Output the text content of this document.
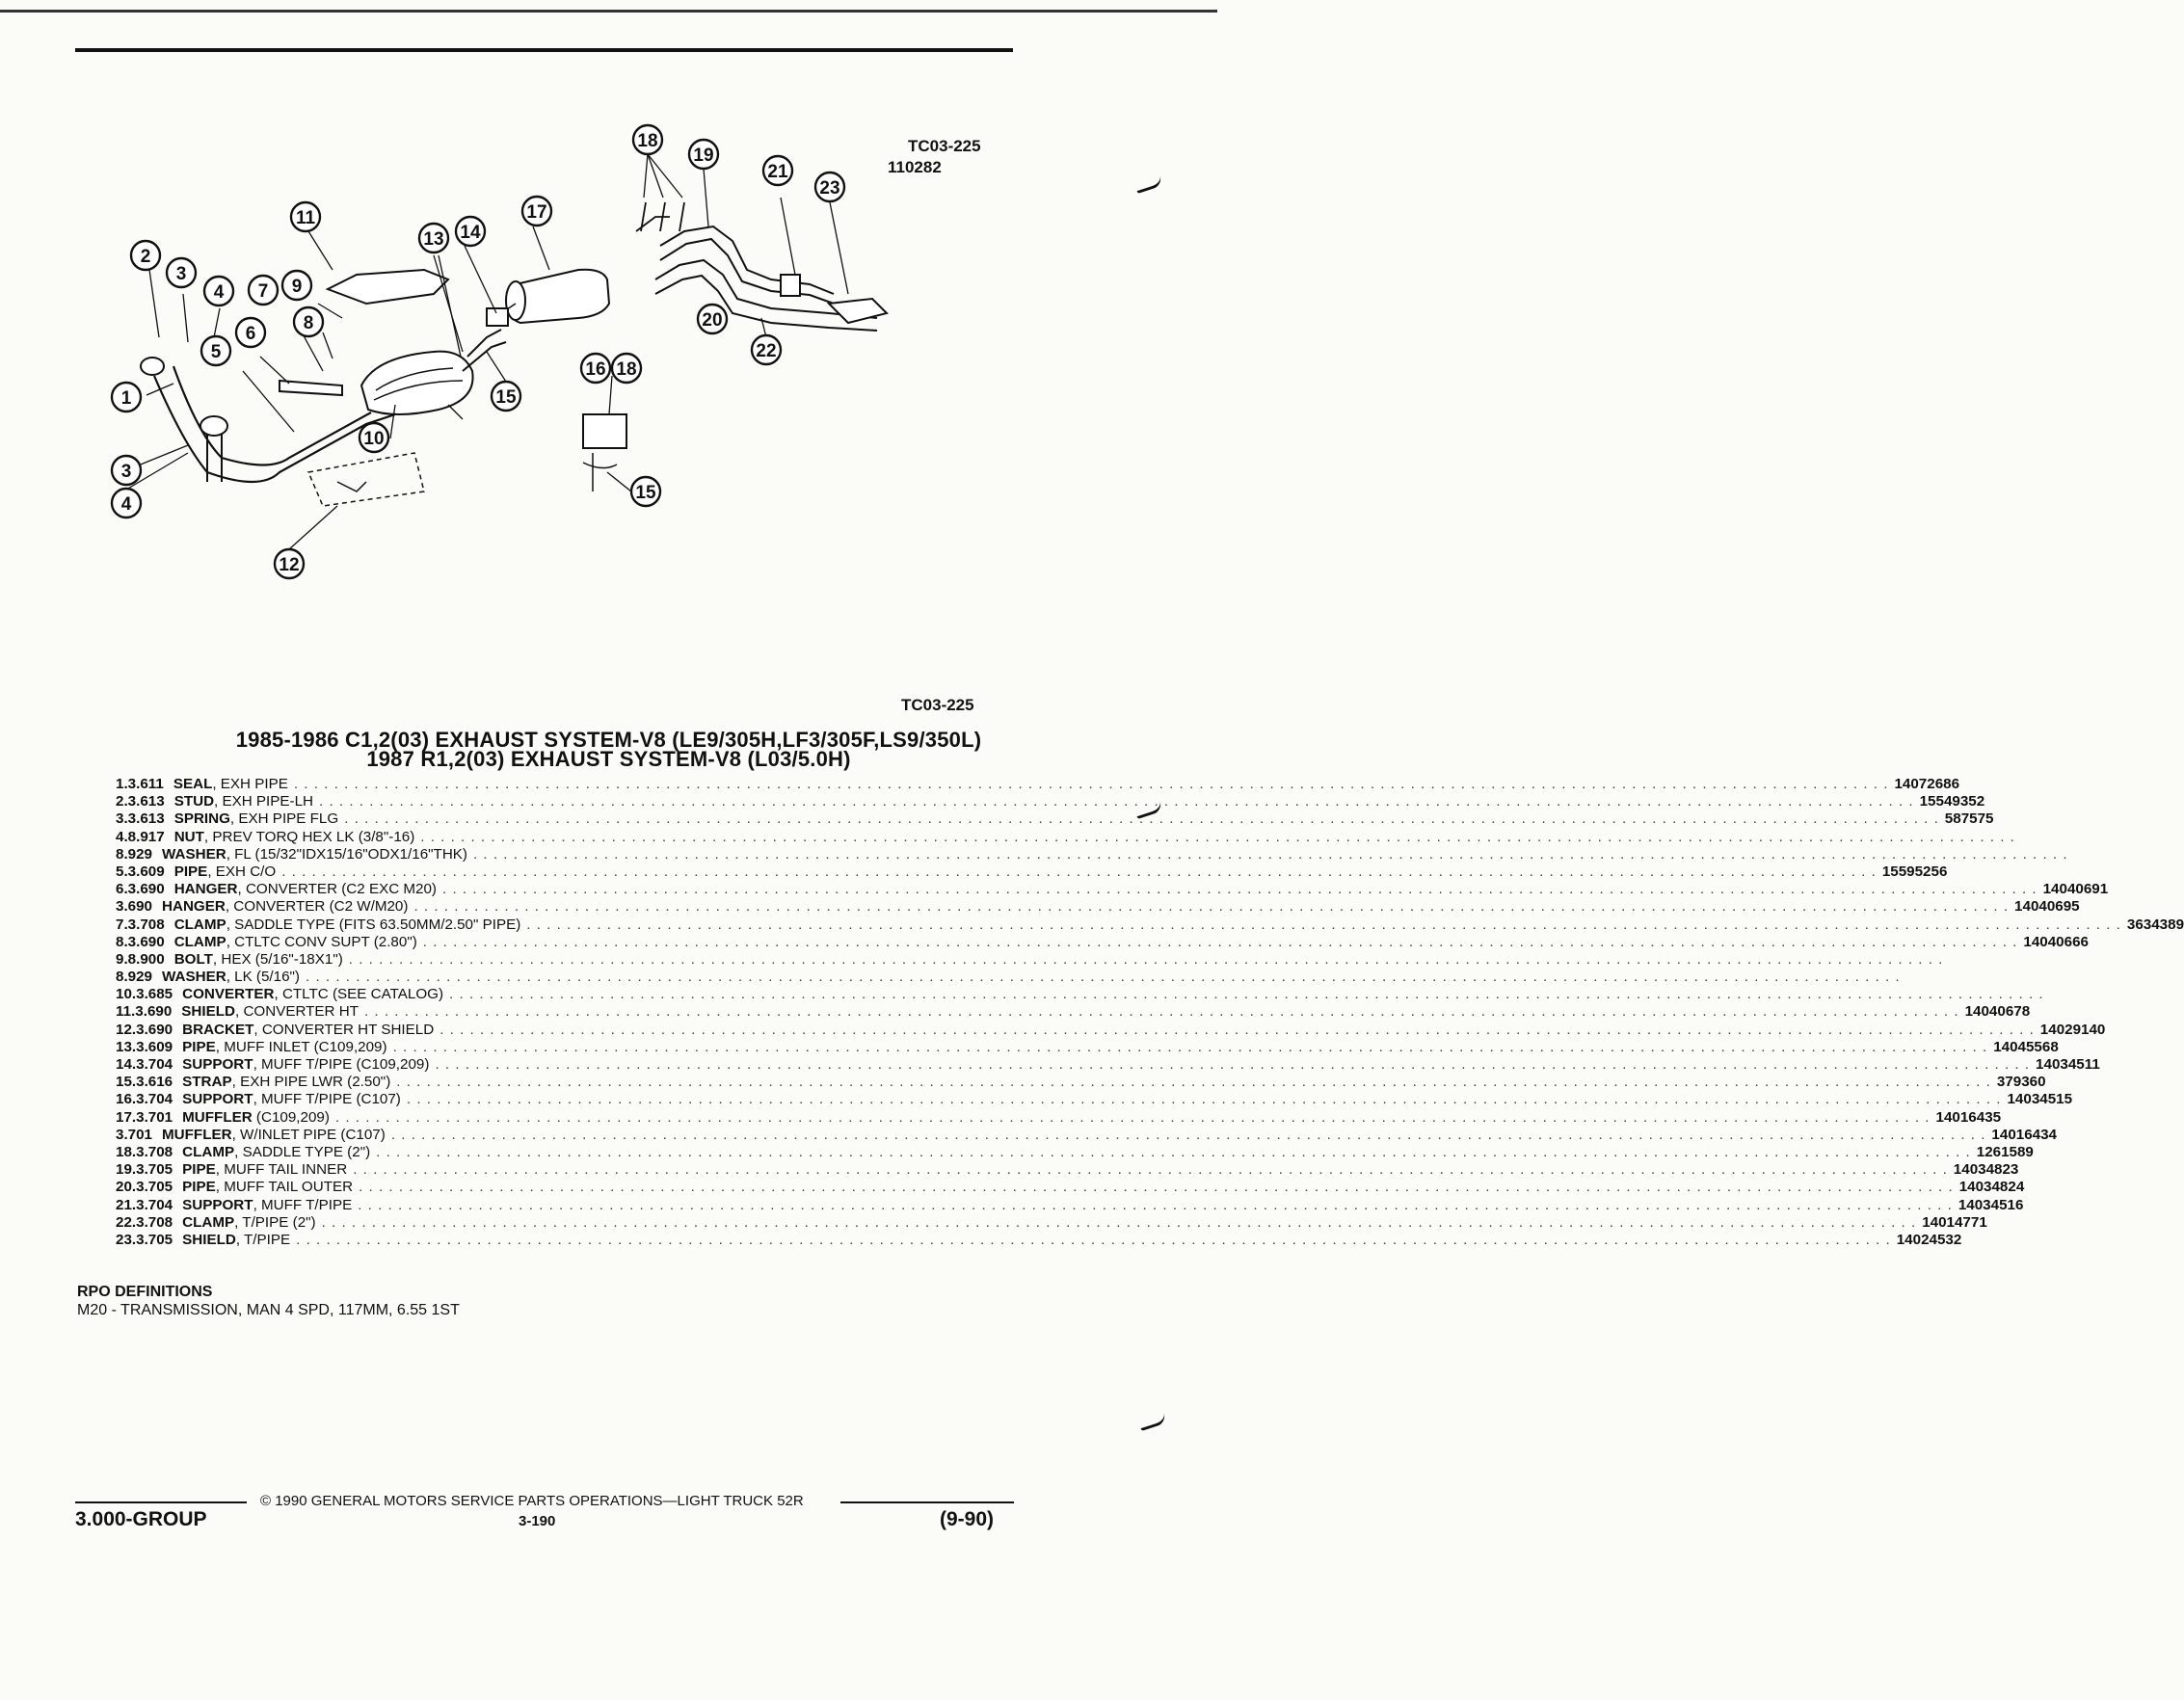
TC03-225
110282
1
2
3
4
3
4
5
6
7
8
9
10
11
12
13 14
15
15
16
17
18
18
19
20
21
22
23
TC03-225
1985-1986 C1,2(03) EXHAUST SYSTEM-V8 (LE9/305H,LF3/305F,LS9/350L)
1987 R1,2(03) EXHAUST SYSTEM-V8 (L03/5.0H)
1. 3.611 SEAL, EXH PIPE . . .	14072686
2. 3.613 STUD, EXH PIPE-LH . . .	15549352
3. 3.613 SPRING, EXH PIPE FLG . . .	587575
4. 8.917 NUT, PREV TORQ HEX LK (3/8"-16)
. . .
8.929 WASHER, FL (15/32"IDX15/16"ODX1/16"THK)
. . .
5. 3.609 PIPE, EXH C/O . . .	15595256
6. 3.690 HANGER, CONVERTER (C2 EXC M20) . . .	14040691
3.690 HANGER, CONVERTER (C2 W/M20) . . .	14040695
7. 3.708 CLAMP, SADDLE TYPE (FITS 63.50MM/2.50" PIPE) . . .	3634389
8. 3.690 CLAMP, CTLTC CONV SUPT (2.80") . . .	14040666
9. 8.900 BOLT, HEX (5/16"-18X1")
. . .
8.929 WASHER, LK (5/16")
. . .
10. 3.685 CONVERTER, CTLTC (SEE CATALOG)
. . .
11. 3.690 SHIELD, CONVERTER HT . . .	14040678
12. 3.690 BRACKET, CONVERTER HT SHIELD . . .	14029140
13. 3.609 PIPE, MUFF INLET (C109,209) . . .	14045568
14. 3.704 SUPPORT, MUFF T/PIPE (C109,209) . . .	14034511
15. 3.616 STRAP, EXH PIPE LWR (2.50") . . .	379360
16. 3.704 SUPPORT, MUFF T/PIPE (C107) . . .	14034515
17. 3.701 MUFFLER (C109,209) . . .	14016435
3.701 MUFFLER, W/INLET PIPE (C107) . . .	14016434
18. 3.708 CLAMP, SADDLE TYPE (2") . . .	1261589
19. 3.705 PIPE, MUFF TAIL INNER . . .	14034823
20. 3.705 PIPE, MUFF TAIL OUTER . . .	14034824
21. 3.704 SUPPORT, MUFF T/PIPE . . .	14034516
22. 3.708 CLAMP, T/PIPE (2") . . .	14014771
23. 3.705 SHIELD, T/PIPE . . .	14024532
RPO DEFINITIONS
M20 - TRANSMISSION, MAN 4 SPD, 117MM, 6.55 1ST
© 1990 GENERAL MOTORS SERVICE PARTS OPERATIONS—LIGHT TRUCK 52R
3.000-GROUP	3-190	(9-90)
